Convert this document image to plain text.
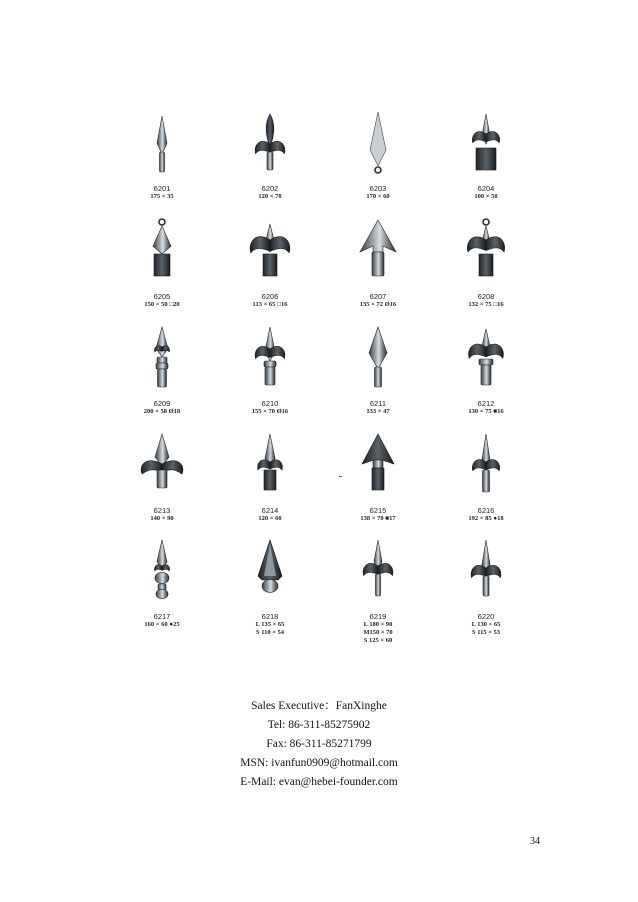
6201
175 × 35
6202
120 × 70
6203
170 × 60
6204
100 × 50
6205
150 × 50 □20
6206
113 × 65 □16
6207
135 × 72 Ø16
6208
132 × 75 □16
6209
200 × 58 Ø18
6210
155 × 70 Ø16
6211
133 × 47
6212
130 × 75 ■16
6213
140 × 90
6214
120 × 60
6215
138 × 70 ■17
6216
192 × 85 ●18
6217
160 × 60 ●25
6218
L 135 × 65
S 110 × 54
6219
L 180 × 90
M150 × 70
S 125 × 60
6220
L 130 × 65
S 115 × 53
Sales Executive：FanXinghe
Tel: 86-311-85275902
Fax: 86-311-85271799
MSN: ivanfun0909@hotmail.com
E-Mail: evan@hebei-founder.com
34
